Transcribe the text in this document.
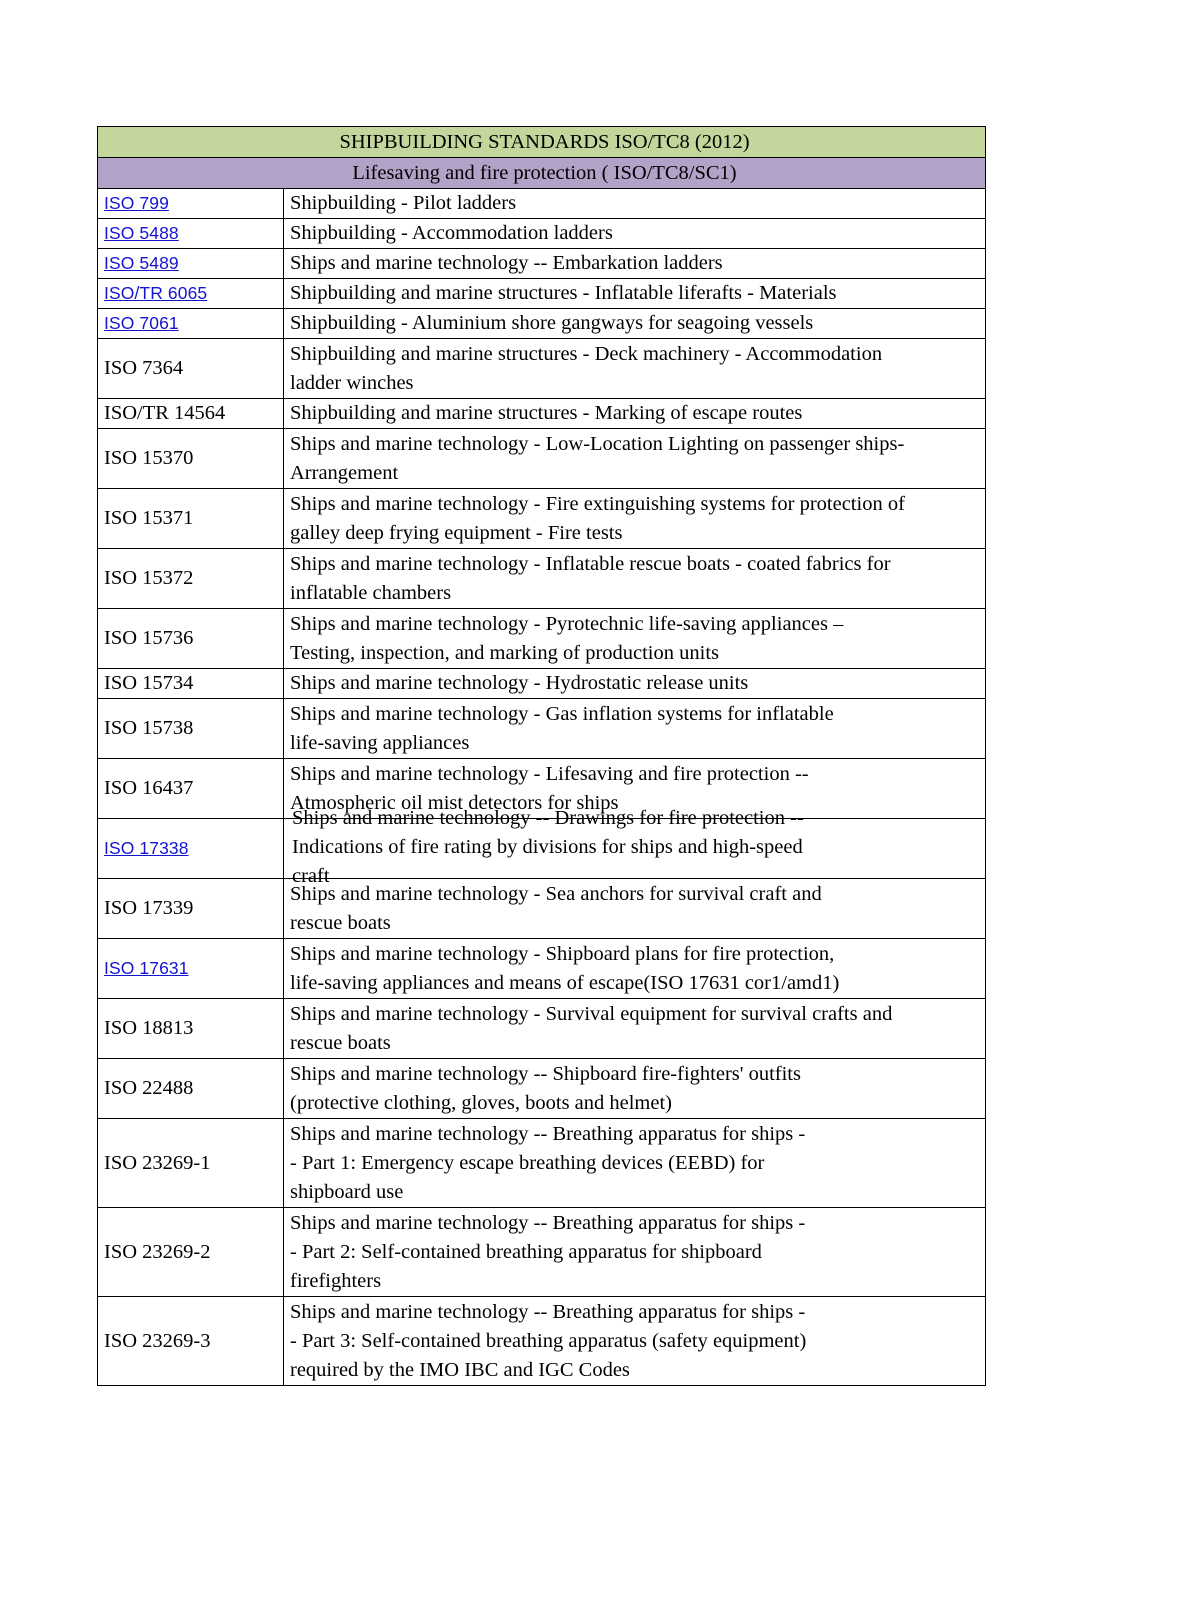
SHIPBUILDING STANDARDS ISO/TC8 (2012)	
Lifesaving and fire protection ( ISO/TC8/SC1)	
ISO 799	Shipbuilding - Pilot ladders

ISO 5488	Shipbuilding - Accommodation ladders

ISO 5489	Ships and marine technology -- Embarkation ladders

ISO/TR 6065	Shipbuilding and marine structures - Inflatable liferafts - Materials

ISO 7061	Shipbuilding - Aluminium shore gangways for seagoing vessels

ISO 7364	Shipbuilding and marine structures - Deck machinery - Accommodation
ladder winches

ISO/TR 14564	Shipbuilding and marine structures - Marking of escape routes

ISO 15370	Ships and marine technology - Low-Location Lighting on passenger ships-
Arrangement

ISO 15371	Ships and marine technology - Fire extinguishing systems for protection of
galley deep frying equipment - Fire tests

ISO 15372	Ships and marine technology - Inflatable rescue boats - coated fabrics for
inflatable chambers

ISO 15736	Ships and marine technology - Pyrotechnic life-saving appliances –
Testing, inspection, and marking of production units

ISO 15734	Ships and marine technology - Hydrostatic release units

ISO 15738	Ships and marine technology - Gas inflation systems for inflatable
life-saving appliances

ISO 16437	Ships and marine technology - Lifesaving and fire protection --
Atmospheric oil mist detectors for ships

ISO 17338	Ships and marine technology -- Drawings for fire protection --
Indications of fire rating by divisions for ships and high-speed
craft

ISO 17339	Ships and marine technology - Sea anchors for survival craft and
rescue boats

ISO 17631	Ships and marine technology - Shipboard plans for fire protection,
life-saving appliances and means of escape(ISO 17631 cor1/amd1)

ISO 18813	Ships and marine technology - Survival equipment for survival crafts and
rescue boats

ISO 22488	Ships and marine technology -- Shipboard fire-fighters' outfits
(protective clothing, gloves, boots and helmet)

ISO 23269-1	Ships and marine technology -- Breathing apparatus for ships -
- Part 1: Emergency escape breathing devices (EEBD) for
shipboard use

ISO 23269-2	Ships and marine technology -- Breathing apparatus for ships -
- Part 2: Self-contained breathing apparatus for shipboard
firefighters

ISO 23269-3	Ships and marine technology -- Breathing apparatus for ships -
- Part 3: Self-contained breathing apparatus (safety equipment)
required by the IMO IBC and IGC Codes
